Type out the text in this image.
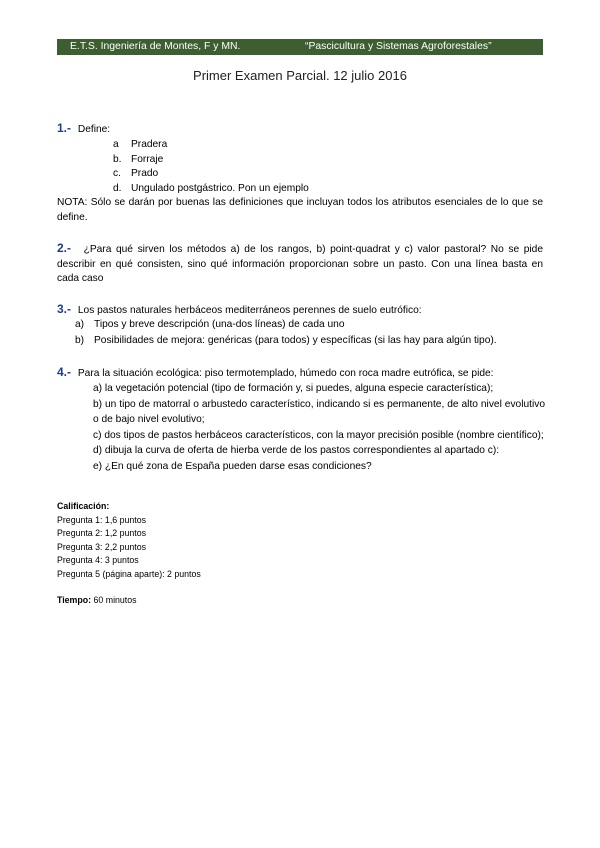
E.T.S. Ingeniería de Montes, F y MN.	“Pascicultura y Sistemas Agroforestales”
Primer Examen Parcial. 12 julio 2016
1.- Define:
a	Pradera
b. Forraje
c. Prado
d. Ungulado postgástrico. Pon un ejemplo
NOTA: Sólo se darán por buenas las definiciones que incluyan todos los atributos esenciales de lo que se define.
2.- ¿Para qué sirven los métodos a) de los rangos, b) point-quadrat y c) valor pastoral? No se pide describir en qué consisten, sino qué información proporcionan sobre un pasto. Con una línea basta en cada caso
3.- Los pastos naturales herbáceos mediterráneos perennes de suelo eutrófico:
a) Tipos y breve descripción (una-dos líneas) de cada uno
b) Posibilidades de mejora: genéricas (para todos) y específicas (si las hay para algún tipo).
4.- Para la situación ecológica: piso termotemplado, húmedo con roca madre eutrófica, se pide:
a) la vegetación potencial (tipo de formación y, si puedes, alguna especie característica);
b) un tipo de matorral o arbustedo característico, indicando si es permanente, de alto nivel evolutivo o de bajo nivel evolutivo;
c) dos tipos de pastos herbáceos característicos, con la mayor precisión posible (nombre científico);
d) dibuja la curva de oferta de hierba verde de los pastos correspondientes al apartado c):
e) ¿En qué zona de España pueden darse esas condiciones?
Calificación:
Pregunta 1: 1,6 puntos
Pregunta 2: 1,2 puntos
Pregunta 3: 2,2 puntos
Pregunta 4: 3 puntos
Pregunta 5 (página aparte): 2 puntos
Tiempo: 60 minutos
